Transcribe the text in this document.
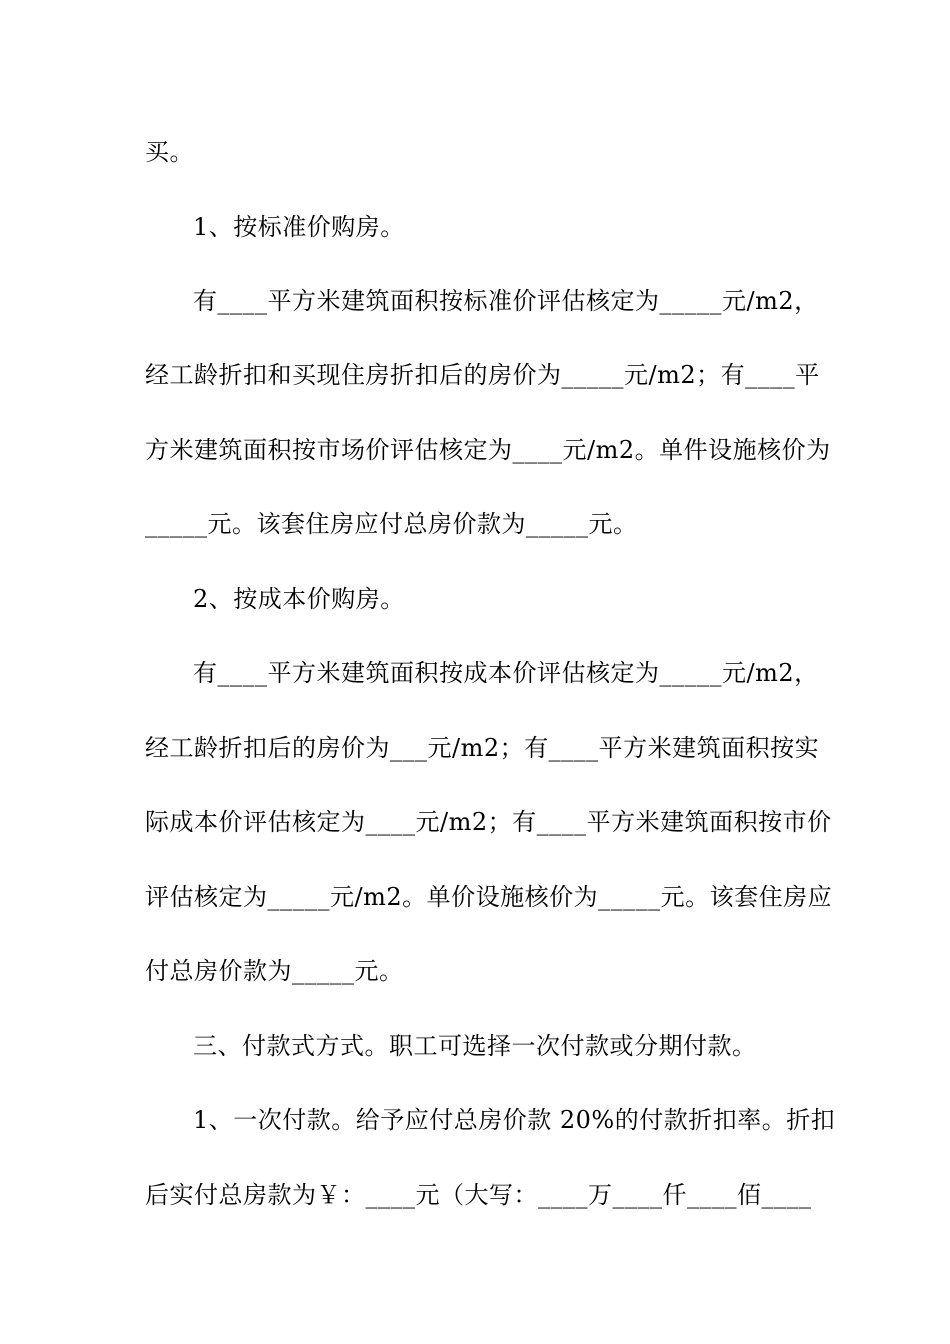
买。
1、按标准价购房。
有____平方米建筑面积按标准价评估核定为_____元/m2，
经工龄折扣和买现住房折扣后的房价为_____元/m2；有____平
方米建筑面积按市场价评估核定为____元/m2。单件设施核价为
_____元。该套住房应付总房价款为_____元。
2、按成本价购房。
有____平方米建筑面积按成本价评估核定为_____元/m2，
经工龄折扣后的房价为___元/m2；有____平方米建筑面积按实
际成本价评估核定为____元/m2；有____平方米建筑面积按市价
评估核定为_____元/m2。单价设施核价为_____元。该套住房应
付总房价款为_____元。
三、付款式方式。职工可选择一次付款或分期付款。
1、一次付款。给予应付总房价款 20%的付款折扣率。折扣
后实付总房款为￥：____元（大写：____万____仟____佰____
